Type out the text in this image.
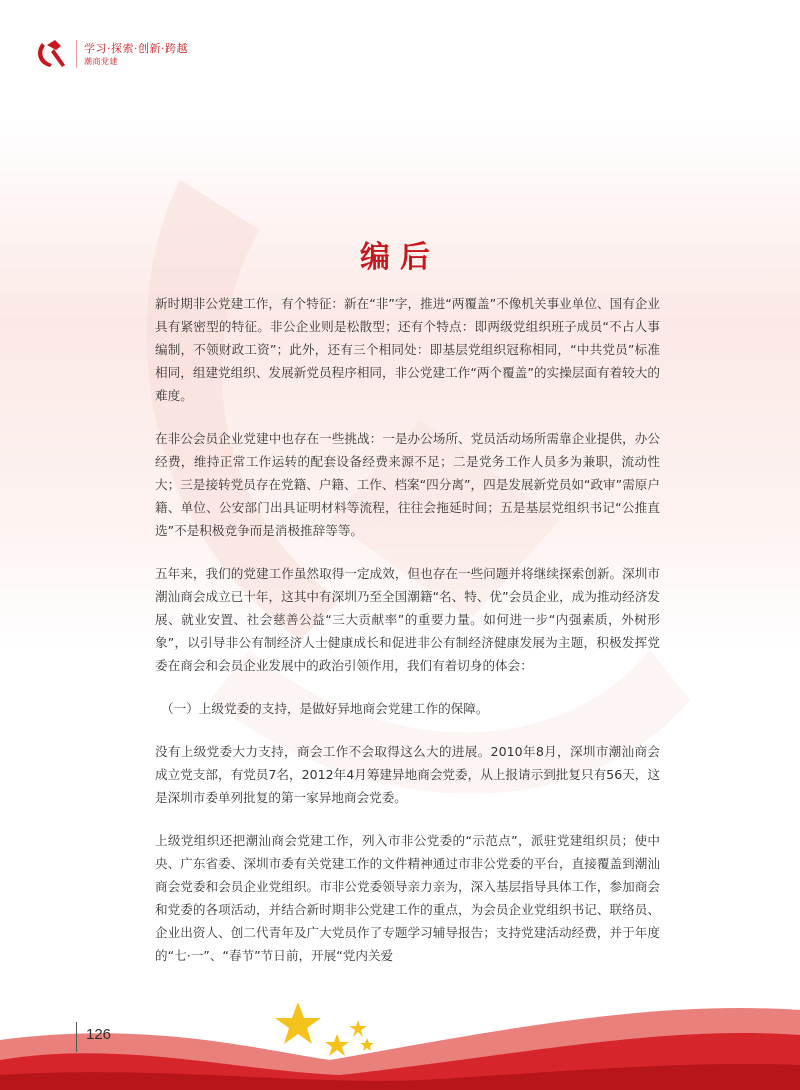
学习·探索·创新·跨越
潮商党建
编后

新时期非公党建工作，有个特征：新在“非”字，推进“两覆盖”不像机关事业单位、国有企业具有紧密型的特征。非公企业则是松散型；还有个特点：即两级党组织班子成员“不占人事编制，不领财政工资”；此外，还有三个相同处：即基层党组织冠称相同，“中共党员”标准相同，组建党组织、发展新党员程序相同，非公党建工作“两个覆盖”的实操层面有着较大的难度。

在非公会员企业党建中也存在一些挑战：一是办公场所、党员活动场所需靠企业提供，办公经费，维持正常工作运转的配套设备经费来源不足；二是党务工作人员多为兼职，流动性大；三是接转党员存在党籍、户籍、工作、档案“四分离”，四是发展新党员如“政审”需原户籍、单位、公安部门出具证明材料等流程，往往会拖延时间；五是基层党组织书记“公推直选”不是积极竞争而是消极推辞等等。

五年来，我们的党建工作虽然取得一定成效，但也存在一些问题并将继续探索创新。深圳市潮汕商会成立已十年，这其中有深圳乃至全国潮籍“名、特、优”会员企业，成为推动经济发展、就业安置、社会慈善公益“三大贡献率”的重要力量。如何进一步“内强素质，外树形象”，以引导非公有制经济人士健康成长和促进非公有制经济健康发展为主题，积极发挥党委在商会和会员企业发展中的政治引领作用，我们有着切身的体会：

（一）上级党委的支持，是做好异地商会党建工作的保障。

没有上级党委大力支持，商会工作不会取得这么大的进展。2010年8月，深圳市潮汕商会成立党支部，有党员7名，2012年4月筹建异地商会党委，从上报请示到批复只有56天，这是深圳市委单列批复的第一家异地商会党委。

上级党组织还把潮汕商会党建工作，列入市非公党委的“示范点”，派驻党建组织员；使中央、广东省委、深圳市委有关党建工作的文件精神通过市非公党委的平台，直接覆盖到潮汕商会党委和会员企业党组织。市非公党委领导亲力亲为，深入基层指导具体工作，参加商会和党委的各项活动，并结合新时期非公党建工作的重点，为会员企业党组织书记、联络员、企业出资人、创二代青年及广大党员作了专题学习辅导报告；支持党建活动经费，并于年度的“七·一”、“春节”节日前，开展“党内关爱

126
